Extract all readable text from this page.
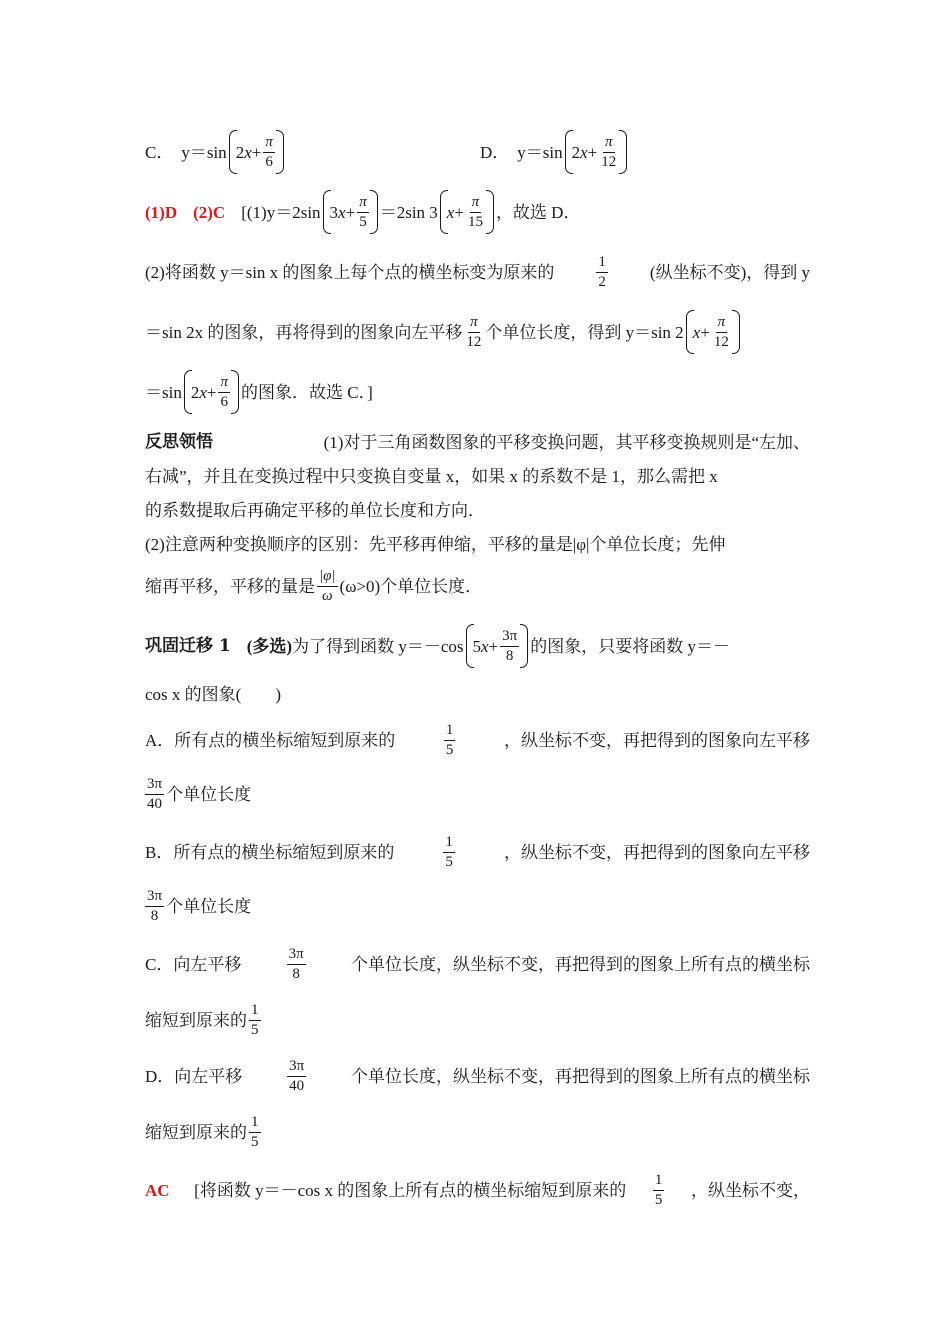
C． y＝sin 2 $x + \frac{\pi}{6}$	D． y＝sin 2 $x + \frac{\pi}{12}$
(1)D (2)C [(1)y＝2sin 3 $x + \frac{\pi}{5} =2\sin$ 3 $x + \frac{\pi}{15}$ ，故选 D．
(2)将函数 y＝sin x 的图象上每个点的横坐标变为原来的	$\frac{1}{2}$ (纵坐标不变)，得到 y
＝sin 2x 的图象，再将得到的图象向左平移 $\frac{\pi}{12}$ 个单位长度，得到 y＝sin 2 $x + \frac{\pi}{12}$
＝sin 2 $x + \frac{\pi}{6}$ 的图象．故选 C．]
反思领悟	(1)对于三角函数图象的平移变换问题，其平移变换规则是“左加、
右减”，并且在变换过程中只变换自变量 x，如果 x 的系数不是 1，那么需把 x
的系数提取后再确定平移的单位长度和方向．
(2)注意两种变换顺序的区别：先平移再伸缩，平移的量是|φ|个单位长度；先伸
缩再平移，平移的量是 $\frac{|\varphi|}{\omega} (\omega>0)$个单位长度．
巩固迁移 1 (多选) 为了得到函数 y＝－cos 5 $x + \frac{3\pi}{8}$ 的图象，只要将函数 y＝－
cos x 的图象(　　)
A．所有点的横坐标缩短到原来的	$\frac{1}{5}$	，纵坐标不变，再把得到的图象向左平移
$\frac{3\pi}{40}$ 个单位长度
B．所有点的横坐标缩短到原来的	$\frac{1}{5}$	，纵坐标不变，再把得到的图象向左平移
$\frac{3\pi}{8}$ 个单位长度
C．向左平移	$\frac{3\pi}{8}$	个单位长度，纵坐标不变，再把得到的图象上所有点的横坐标
缩短到原来的 $\frac{1}{5}$
D．向左平移	$\frac{3\pi}{40}$	个单位长度，纵坐标不变，再把得到的图象上所有点的横坐标
缩短到原来的 $\frac{1}{5}$
AC [将函数 y＝－cos x 的图象上所有点的横坐标缩短到原来的 $\frac{1}{5}$ ，纵坐标不变，
